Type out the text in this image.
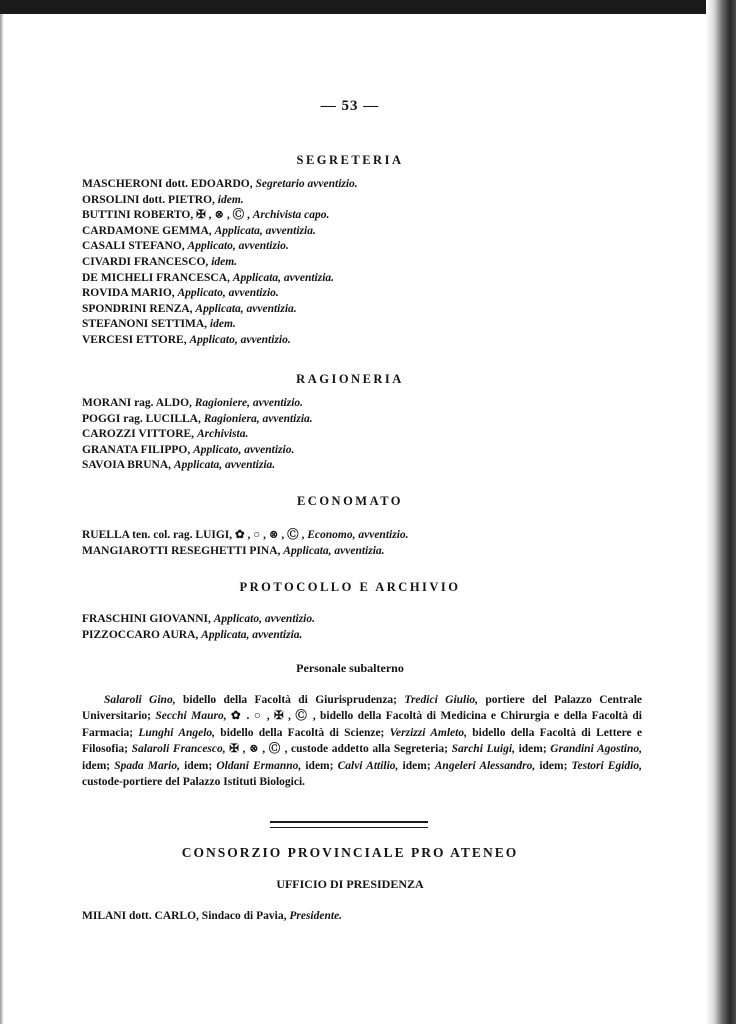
— 53 —
SEGRETERIA
MASCHERONI dott. EDOARDO, Segretario avventizio.
ORSOLINI dott. PIETRO, idem.
BUTTINI ROBERTO, ✠ , ⊗ , Ⓒ , Archivista capo.
CARDAMONE GEMMA, Applicata, avventizia.
CASALI STEFANO, Applicato, avventizio.
CIVARDI FRANCESCO, idem.
DE MICHELI FRANCESCA, Applicata, avventizia.
ROVIDA MARIO, Applicato, avventizio.
SPONDRINI RENZA, Applicata, avventizia.
STEFANONI SETTIMA, idem.
VERCESI ETTORE, Applicato, avventizio.
RAGIONERIA
MORANI rag. ALDO, Ragioniere, avventizio.
POGGI rag. LUCILLA, Ragioniera, avventizia.
CAROZZI VITTORE, Archivista.
GRANATA FILIPPO, Applicato, avventizio.
SAVOIA BRUNA, Applicata, avventizia.
ECONOMATO
RUELLA ten. col. rag. LUIGI, ✿ , ○ , ⊗ , Ⓒ , Economo, avventizio.
MANGIAROTTI RESEGHETTI PINA, Applicata, avventizia.
PROTOCOLLO E ARCHIVIO
FRASCHINI GIOVANNI, Applicato, avventizio.
PIZZOCCARO AURA, Applicata, avventizia.
Personale subalterno
Salaroli Gino, bidello della Facoltà di Giurisprudenza; Tredici Giulio, portiere del Palazzo Centrale Universitario; Secchi Mauro, ✿ . ○ , ✠ , Ⓒ , bidello della Facoltà di Medicina e Chirurgia e della Facoltà di Farmacia; Lunghi Angelo, bidello della Facoltà di Scienze; Verzizzi Amleto, bidello della Facoltà di Lettere e Filosofia; Salaroli Francesco, ✠ , ⊗ , Ⓒ , custode addetto alla Segreteria; Sarchi Luigi, idem; Grandini Agostino, idem; Spada Mario, idem; Oldani Ermanno, idem; Calvi Attilio, idem; Angeleri Alessandro, idem; Testori Egidio, custode-portiere del Palazzo Istituti Biologici.
CONSORZIO PROVINCIALE PRO ATENEO
UFFICIO DI PRESIDENZA
MILANI dott. CARLO, Sindaco di Pavia, Presidente.
